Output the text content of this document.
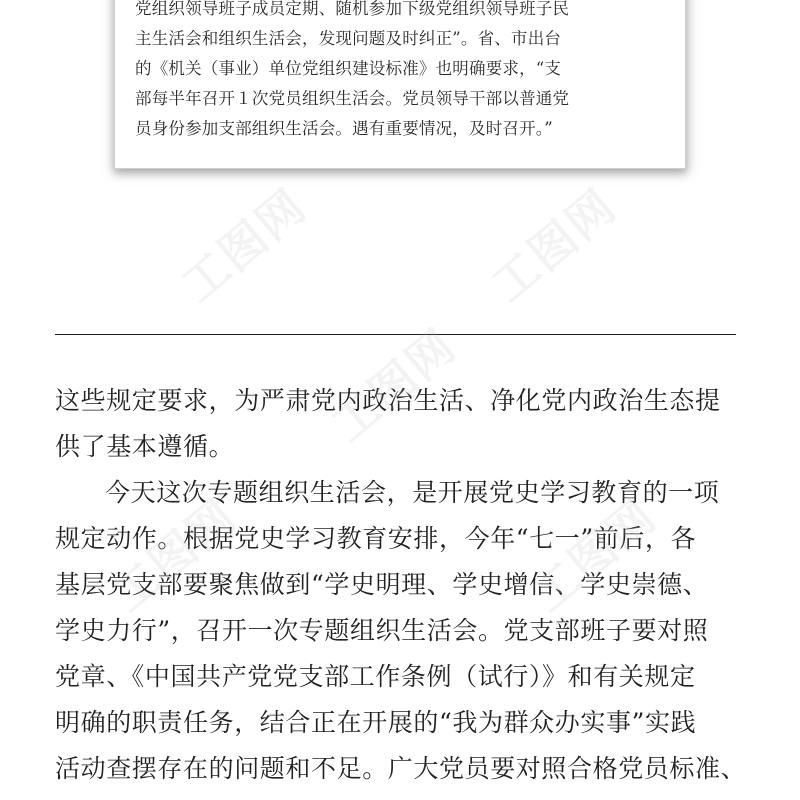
党组织领导班子成员定期、随机参加下级党组织领导班子民
主生活会和组织生活会，发现问题及时纠正”。省、市出台
的《机关（事业）单位党组织建设标准》也明确要求，“支
部每半年召开１次党员组织生活会。党员领导干部以普通党
员身份参加支部组织生活会。遇有重要情况，及时召开。”
这些规定要求，为严肃党内政治生活、净化党内政治生态提
供了基本遵循。
今天这次专题组织生活会，是开展党史学习教育的一项
规定动作。根据党史学习教育安排，今年“七一”前后，各
基层党支部要聚焦做到“学史明理、学史增信、学史崇德、
学史力行”，召开一次专题组织生活会。党支部班子要对照
党章、《中国共产党党支部工作条例（试行）》和有关规定
明确的职责任务，结合正在开展的“我为群众办实事”实践
活动查摆存在的问题和不足。广大党员要对照合格党员标准、
工图网	工图网
工图网
工图网	工图网
